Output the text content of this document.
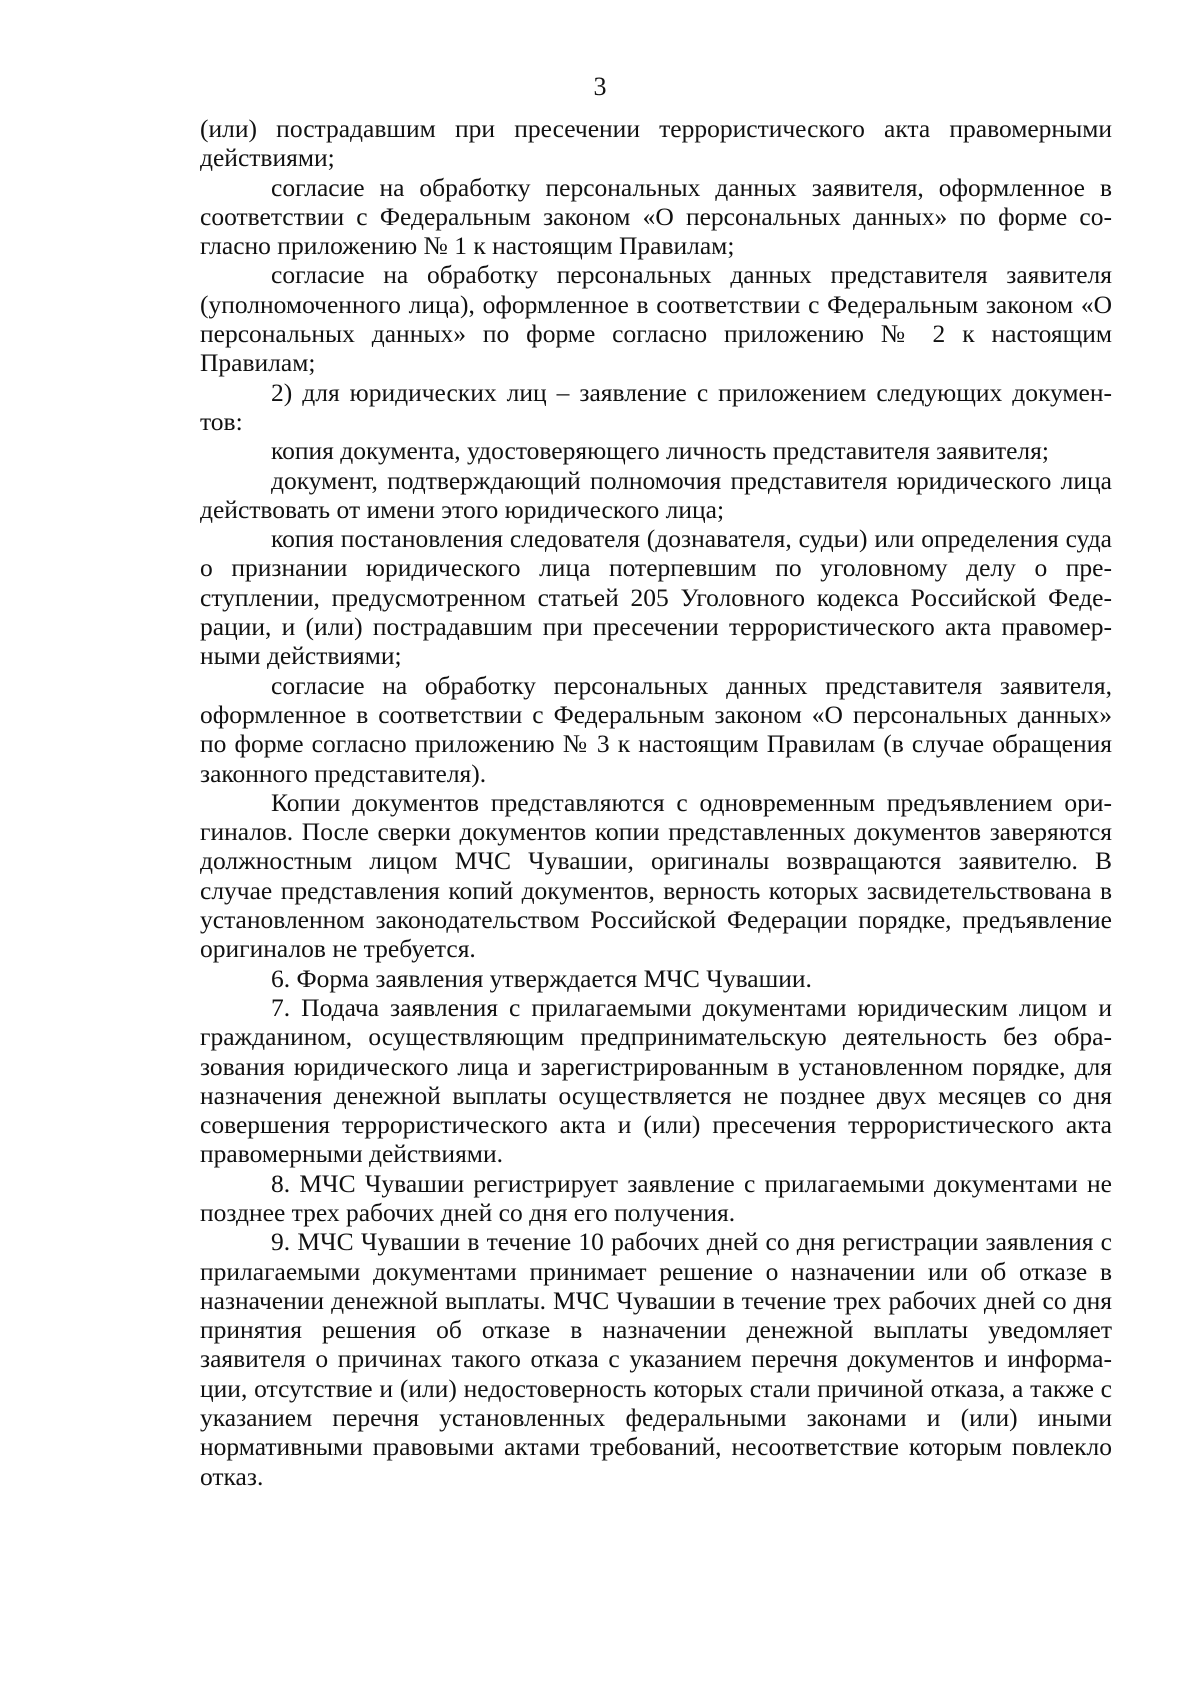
3

(или) пострадавшим при пресечении террористического акта правомерными действиями;

согласие на обработку персональных данных заявителя, оформленное в соответствии с Федеральным законом «О персональных данных» по форме согласно приложению № 1 к настоящим Правилам;

согласие на обработку персональных данных представителя заявителя (уполномоченного лица), оформленное в соответствии с Федеральным законом «О персональных данных» по форме согласно приложению № 2 к настоящим Правилам;

2) для юридических лиц – заявление с приложением следующих документов:

копия документа, удостоверяющего личность представителя заявителя;

документ, подтверждающий полномочия представителя юридического лица действовать от имени этого юридического лица;

копия постановления следователя (дознавателя, судьи) или определения суда о признании юридического лица потерпевшим по уголовному делу о преступлении, предусмотренном статьей 205 Уголовного кодекса Российской Федерации, и (или) пострадавшим при пресечении террористического акта правомерными действиями;

согласие на обработку персональных данных представителя заявителя, оформленное в соответствии с Федеральным законом «О персональных данных» по форме согласно приложению № 3 к настоящим Правилам (в случае обращения законного представителя).

Копии документов представляются с одновременным предъявлением оригиналов. После сверки документов копии представленных документов заверяются должностным лицом МЧС Чувашии, оригиналы возвращаются заявителю. В случае представления копий документов, верность которых засвидетельствована в установленном законодательством Российской Федерации порядке, предъявление оригиналов не требуется.

6. Форма заявления утверждается МЧС Чувашии.

7. Подача заявления с прилагаемыми документами юридическим лицом и гражданином, осуществляющим предпринимательскую деятельность без образования юридического лица и зарегистрированным в установленном порядке, для назначения денежной выплаты осуществляется не позднее двух месяцев со дня совершения террористического акта и (или) пресечения террористического акта правомерными действиями.

8. МЧС Чувашии регистрирует заявление с прилагаемыми документами не позднее трех рабочих дней со дня его получения.

9. МЧС Чувашии в течение 10 рабочих дней со дня регистрации заявления с прилагаемыми документами принимает решение о назначении или об отказе в назначении денежной выплаты. МЧС Чувашии в течение трех рабочих дней со дня принятия решения об отказе в назначении денежной выплаты уведомляет заявителя о причинах такого отказа с указанием перечня документов и информации, отсутствие и (или) недостоверность которых стали причиной отказа, а также с указанием перечня установленных федеральными законами и (или) иными нормативными правовыми актами требований, несоответствие которым повлекло отказ.
